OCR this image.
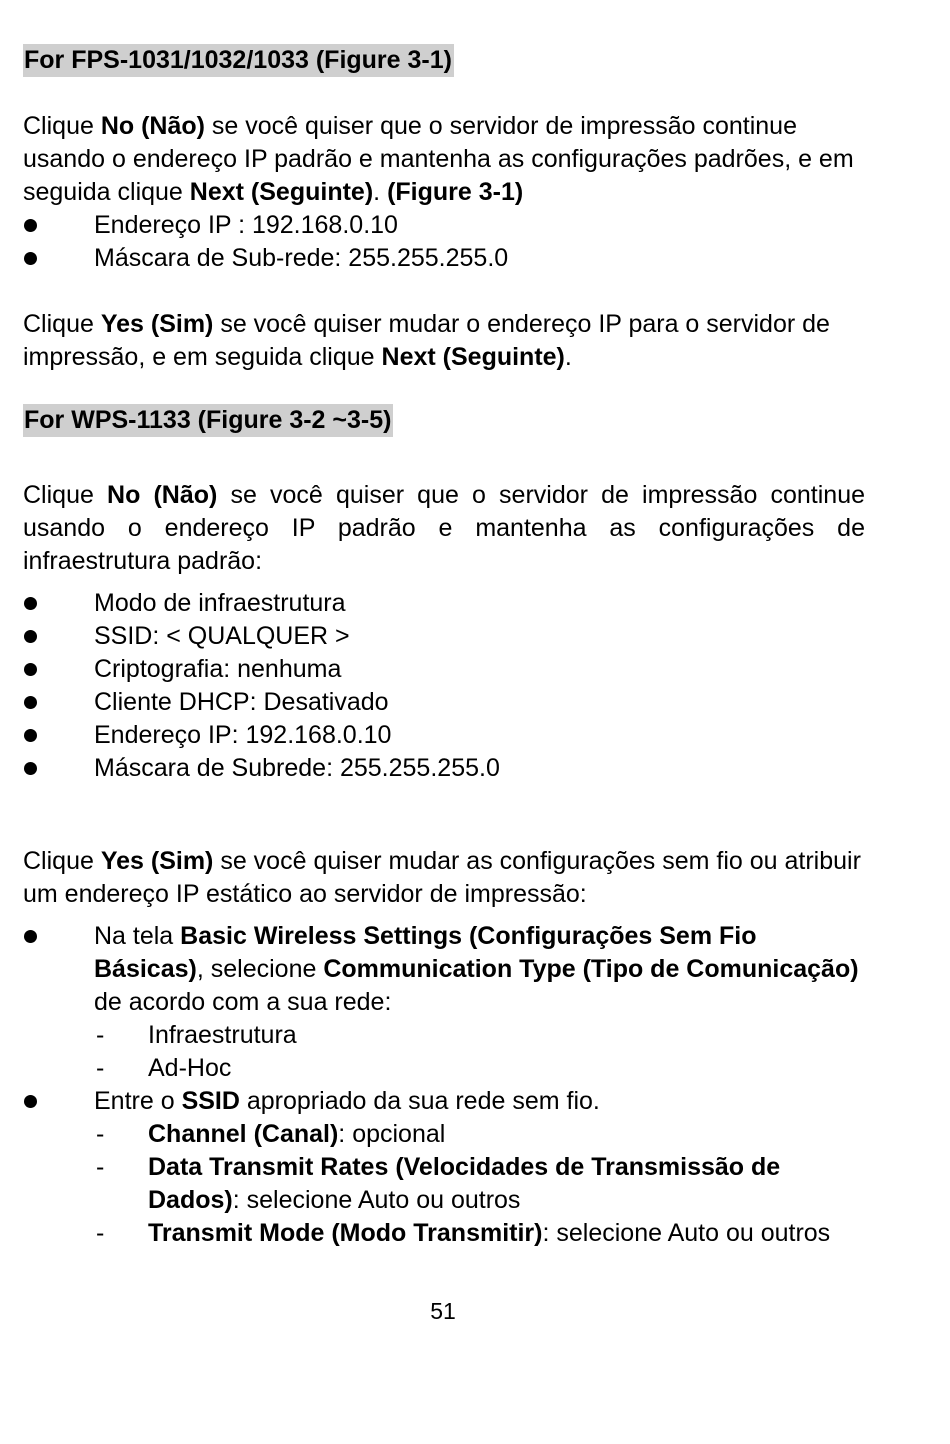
For FPS-1031/1032/1033 (Figure 3-1)

Clique No (Não) se você quiser que o servidor de impressão continue usando o endereço IP padrão e mantenha as configurações padrões, e em seguida clique Next (Seguinte). (Figure 3-1)

Endereço IP : 192.168.0.10
Máscara de Sub-rede: 255.255.255.0

Clique Yes (Sim) se você quiser mudar o endereço IP para o servidor de impressão, e em seguida clique Next (Seguinte).

For WPS-1133 (Figure 3-2 ~3-5)

Clique No (Não) se você quiser que o servidor de impressão continue usando o endereço IP padrão e mantenha as configurações de infraestrutura padrão:

Modo de infraestrutura
SSID: < QUALQUER >
Criptografia: nenhuma
Cliente DHCP: Desativado
Endereço IP: 192.168.0.10
Máscara de Subrede: 255.255.255.0

Clique Yes (Sim) se você quiser mudar as configurações sem fio ou atribuir um endereço IP estático ao servidor de impressão:

Na tela Basic Wireless Settings (Configurações Sem Fio Básicas), selecione Communication Type (Tipo de Comunicação) de acordo com a sua rede:
- Infraestrutura
- Ad-Hoc
Entre o SSID apropriado da sua rede sem fio.
- Channel (Canal): opcional
- Data Transmit Rates (Velocidades de Transmissão de Dados): selecione Auto ou outros
- Transmit Mode (Modo Transmitir): selecione Auto ou outros
51
